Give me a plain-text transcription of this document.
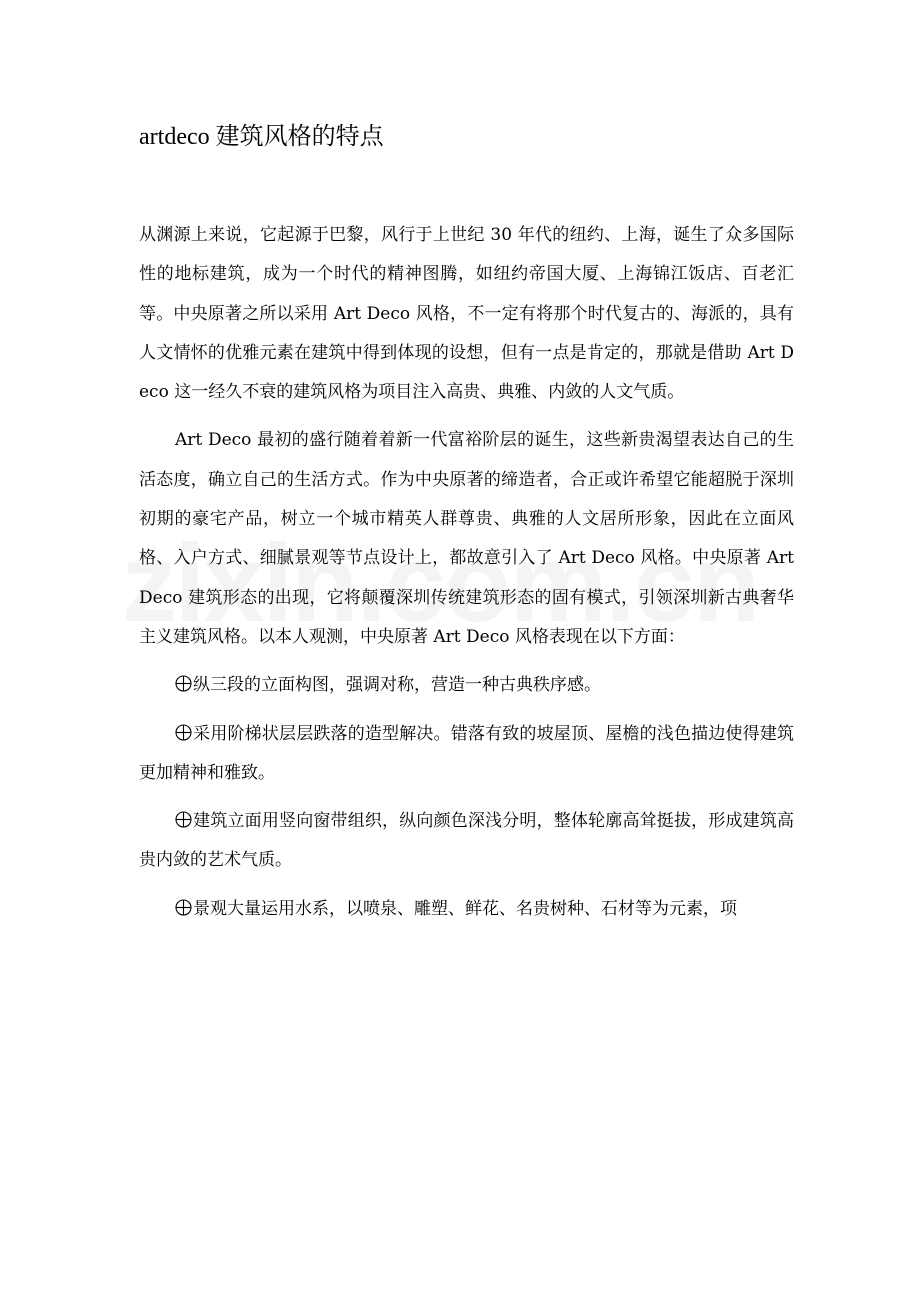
artdeco 建筑风格的特点

从渊源上来说，它起源于巴黎，风行于上世纪 30 年代的纽约、上海，诞生了众多国际性的地标建筑，成为一个时代的精神图腾，如纽约帝国大厦、上海锦江饭店、百老汇等。中央原著之所以采用 Art Deco 风格，不一定有将那个时代复古的、海派的，具有人文情怀的优雅元素在建筑中得到体现的设想，但有一点是肯定的，那就是借助 Art Deco 这一经久不衰的建筑风格为项目注入高贵、典雅、内敛的人文气质。

Art Deco 最初的盛行随着着新一代富裕阶层的诞生，这些新贵渴望表达自己的生活态度，确立自己的生活方式。作为中央原著的缔造者，合正或许希望它能超脱于深圳初期的豪宅产品，树立一个城市精英人群尊贵、典雅的人文居所形象，因此在立面风格、入户方式、细腻景观等节点设计上，都故意引入了 Art Deco 风格。中央原著 Art Deco 建筑形态的出现，它将颠覆深圳传统建筑形态的固有模式，引领深圳新古典奢华主义建筑风格。以本人观测，中央原著 Art Deco 风格表现在以下方面：

纵三段的立面构图，强调对称，营造一种古典秩序感。

采用阶梯状层层跌落的造型解决。错落有致的坡屋顶、屋檐的浅色描边使得建筑更加精神和雅致。

建筑立面用竖向窗带组织，纵向颜色深浅分明，整体轮廓高耸挺拔，形成建筑高贵内敛的艺术气质。

景观大量运用水系，以喷泉、雕塑、鲜花、名贵树种、石材等为元素，项
